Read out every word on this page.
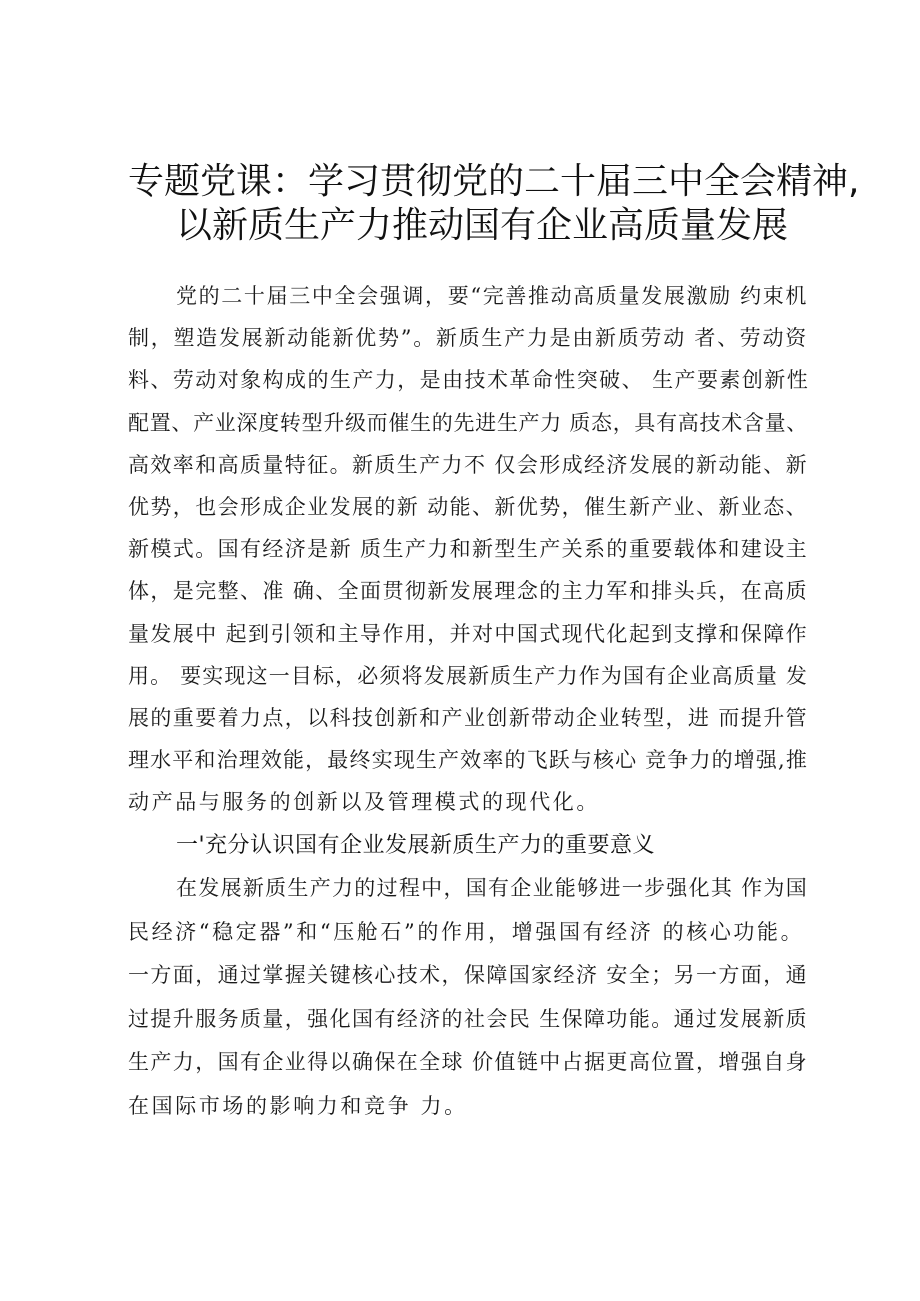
专题党课：学习贯彻党的二十届三中全会精神,
以新质生产力推动国有企业高质量发展
党的二十届三中全会强调，要“完善推动高质量发展激励 约束机
制，塑造发展新动能新优势”。新质生产力是由新质劳动 者、劳动资
料、劳动对象构成的生产力，是由技术革命性突破、 生产要素创新性
配置、产业深度转型升级而催生的先进生产力 质态，具有高技术含量、
高效率和高质量特征。新质生产力不 仅会形成经济发展的新动能、新
优势，也会形成企业发展的新 动能、新优势，催生新产业、新业态、
新模式。国有经济是新 质生产力和新型生产关系的重要载体和建设主
体，是完整、准 确、全面贯彻新发展理念的主力军和排头兵，在高质
量发展中 起到引领和主导作用，并对中国式现代化起到支撑和保障作
用。 要实现这一目标，必须将发展新质生产力作为国有企业高质量 发
展的重要着力点，以科技创新和产业创新带动企业转型，进 而提升管
理水平和治理效能，最终实现生产效率的飞跃与核心 竞争力的增强,推
动产品与服务的创新以及管理模式的现代化。
一'充分认识国有企业发展新质生产力的重要意义
在发展新质生产力的过程中，国有企业能够进一步强化其 作为国
民经济“稳定器”和“压舱石”的作用，增强国有经济 的核心功能。
一方面，通过掌握关键核心技术，保障国家经济 安全；另一方面，通
过提升服务质量，强化国有经济的社会民 生保障功能。通过发展新质
生产力，国有企业得以确保在全球 价值链中占据更高位置，增强自身
在国际市场的影响力和竞争 力。
